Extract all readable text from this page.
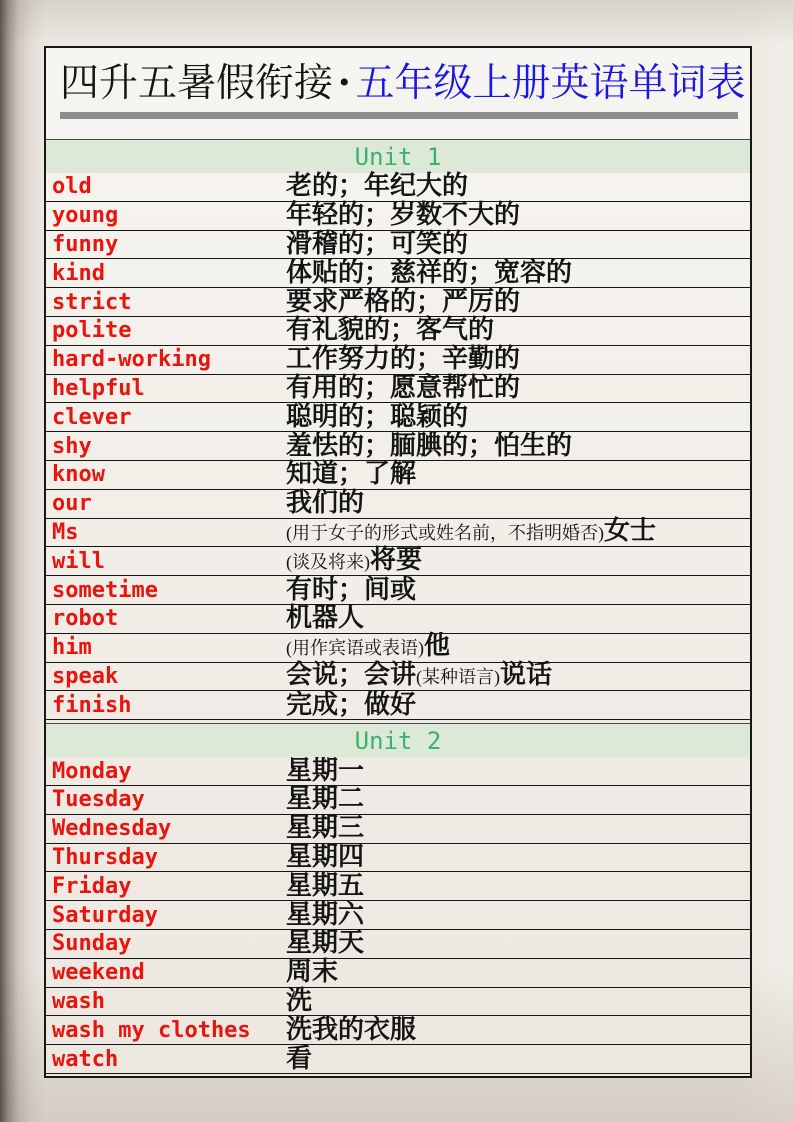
四升五暑假衔接 • 五年级上册英语单词表
Unit 1
old	老的；年纪大的
young	年轻的；岁数不大的
funny	滑稽的；可笑的
kind	体贴的；慈祥的；宽容的
strict	要求严格的；严厉的
polite	有礼貌的；客气的
hard-working	工作努力的；辛勤的
helpful	有用的；愿意帮忙的
clever	聪明的；聪颖的
shy	羞怯的；腼腆的；怕生的
know	知道；了解
our	我们的
Ms	(用于女子的形式或姓名前，不指明婚否)女士
will	(谈及将来)将要
sometime	有时；间或
robot	机器人
him	(用作宾语或表语)他
speak	会说；会讲(某种语言)说话
finish	完成；做好
Unit 2
Monday	星期一
Tuesday	星期二
Wednesday	星期三
Thursday	星期四
Friday	星期五
Saturday	星期六
Sunday	星期天
weekend	周末
wash	洗
wash my clothes	洗我的衣服
watch	看
